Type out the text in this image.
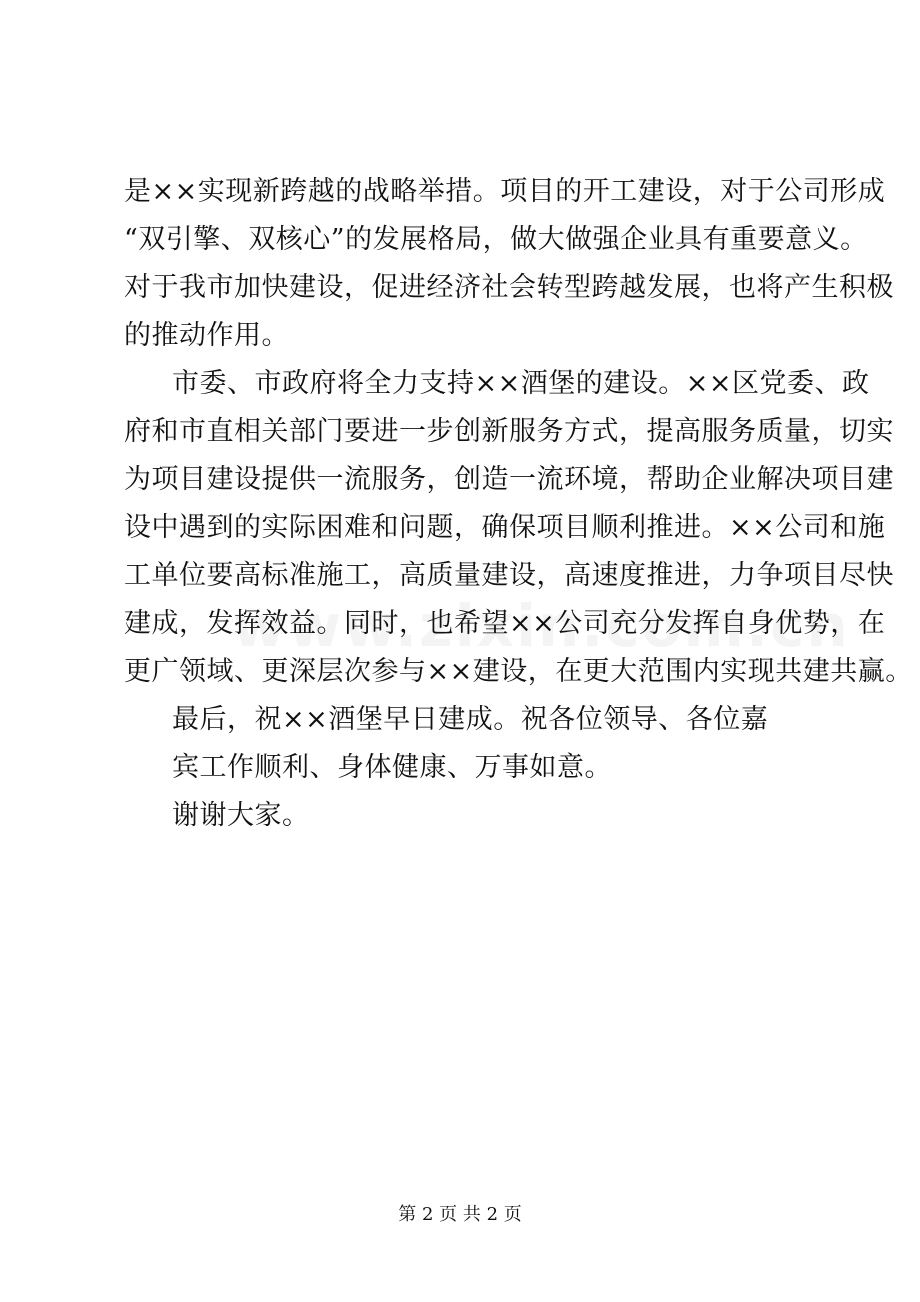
是××实现新跨越的战略举措。项目的开工建设，对于公司形成
“双引擎、双核心”的发展格局，做大做强企业具有重要意义。
对于我市加快建设，促进经济社会转型跨越发展，也将产生积极
的推动作用。
市委、市政府将全力支持××酒堡的建设。××区党委、政
府和市直相关部门要进一步创新服务方式，提高服务质量，切实
为项目建设提供一流服务，创造一流环境，帮助企业解决项目建
设中遇到的实际困难和问题，确保项目顺利推进。××公司和施
工单位要高标准施工，高质量建设，高速度推进，力争项目尽快
建成，发挥效益。同时，也希望××公司充分发挥自身优势，在
更广领域、更深层次参与××建设，在更大范围内实现共建共赢。
最后，祝××酒堡早日建成。祝各位领导、各位嘉
宾工作顺利、身体健康、万事如意。
谢谢大家。
第 2 页 共 2 页
